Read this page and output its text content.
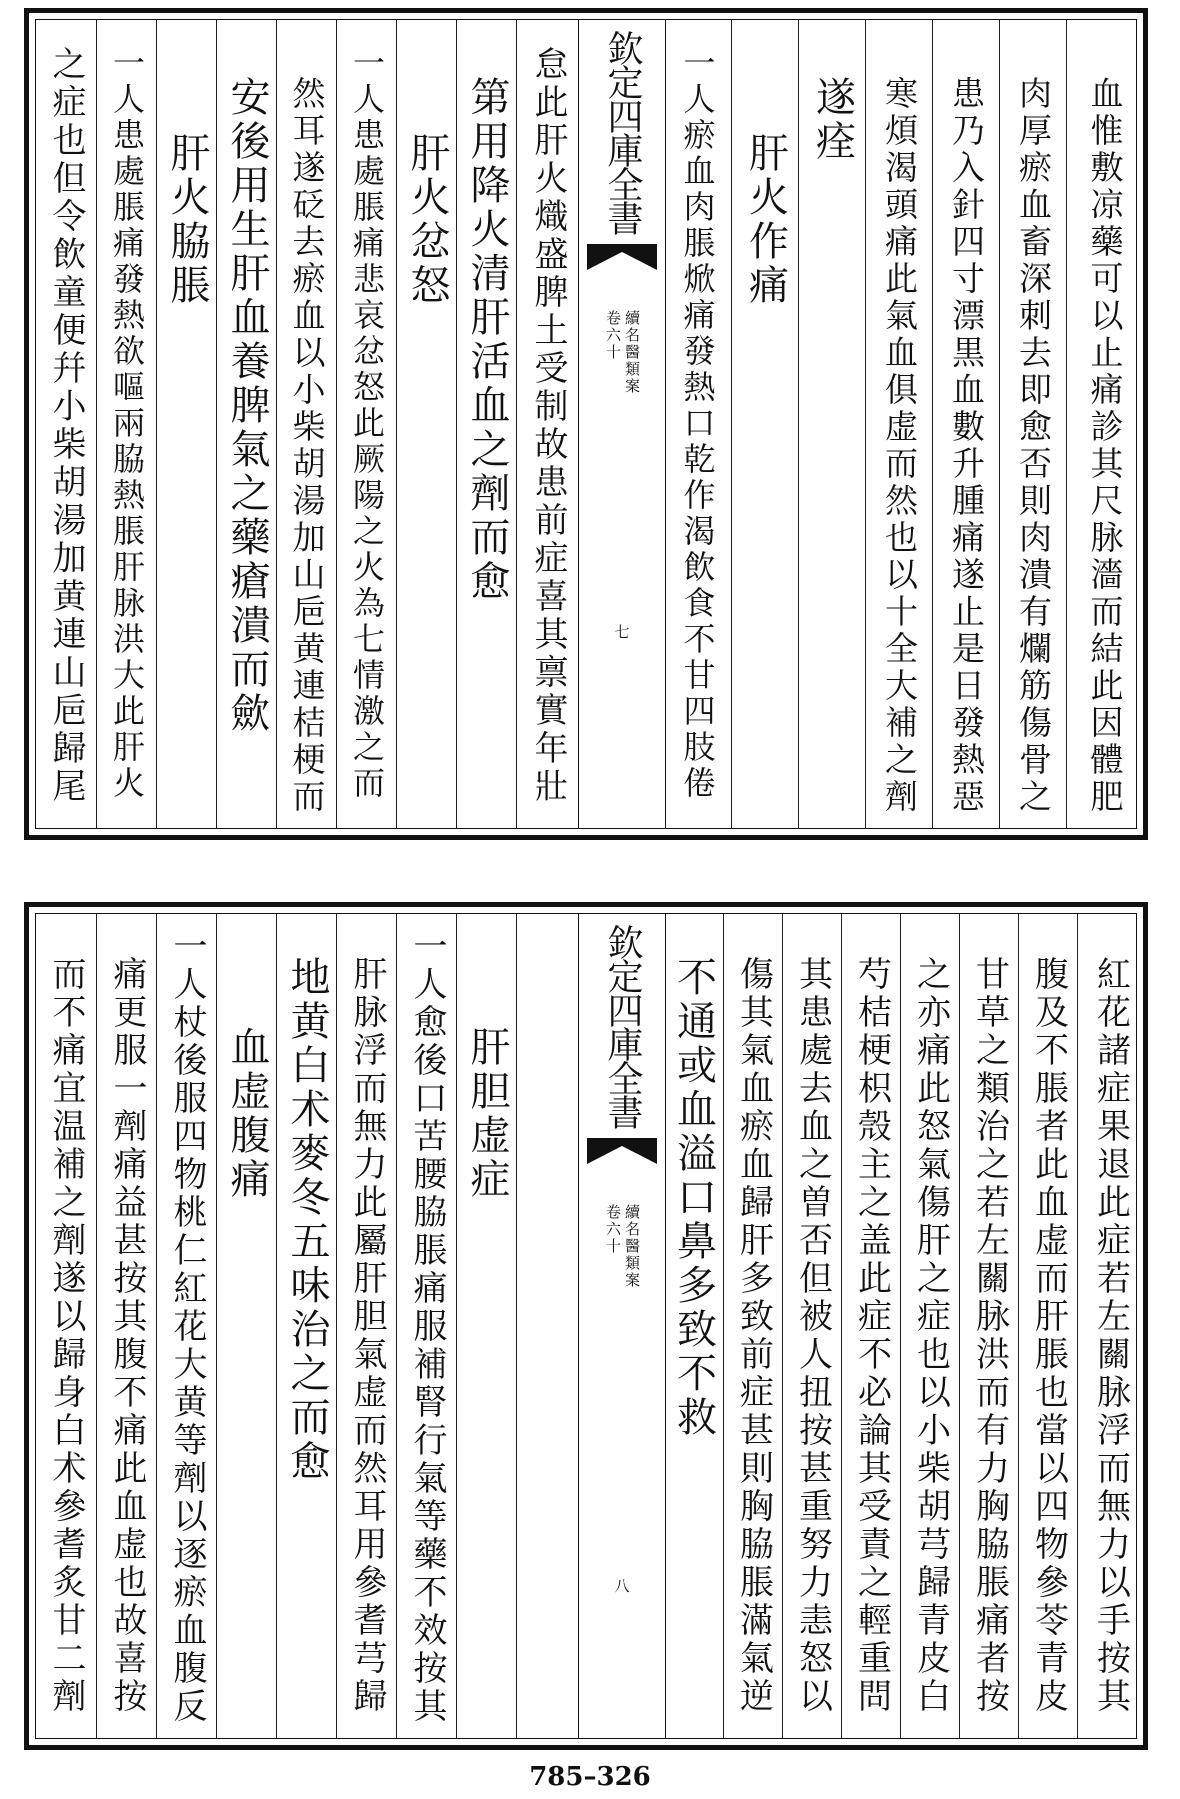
之症也但令飲童便幷小柴胡湯加黄連山巵歸尾 一人患處脹痛發熱欲嘔兩脇熱脹肝脉洪大此肝火 肝火脇脹 安後用生肝血養脾氣之藥瘡潰而歛 然耳遂砭去瘀血以小柴胡湯加山巵黄連桔梗而 一人患處脹痛悲哀忿怒此厥陽之火為七情激之而 肝火忿怒 第用降火清肝活血之劑而愈 怠此肝火熾盛脾土受制故患前症喜其禀實年壯 欽定四庫全書
續名醫類案
卷六十
七 一人瘀血肉脹焮痛發熱口乾作渴飲食不甘四肢倦 肝火作痛
遂痊 寒煩渴頭痛此氣血俱虚而然也以十全大補之劑 患乃入針四寸漂黒血數升腫痛遂止是日發熱惡 肉厚瘀血畜深刺去即愈否則肉潰有爛筋傷骨之 血惟敷凉藥可以止痛診其尺脉濇而結此因體肥
而不痛宜温補之劑遂以歸身白术參耆炙甘二劑 痛更服一劑痛益甚按其腹不痛此血虚也故喜按 一人杖後服四物桃仁紅花大黄等劑以逐瘀血腹反 血虚腹痛 地黄白术麥冬五味治之而愈 肝脉浮而無力此屬肝胆氣虚而然耳用參耆芎歸 一人愈後口苦腰脇脹痛服補腎行氣等藥不效按其 肝胆虚症	欽定四庫全書
續名醫類案
卷六十
八
不通或血溢口鼻多致不救 傷其氣血瘀血歸肝多致前症甚則胸脇脹滿氣逆 其患處去血之曽否但被人扭按甚重努力恚怒以 芍桔梗枳殼主之盖此症不必論其受責之輕重問 之亦痛此怒氣傷肝之症也以小柴胡芎歸青皮白 甘草之類治之若左關脉洪而有力胸脇脹痛者按 腹及不脹者此血虚而肝脹也當以四物參苓青皮 紅花諸症果退此症若左關脉浮而無力以手按其
785–326
